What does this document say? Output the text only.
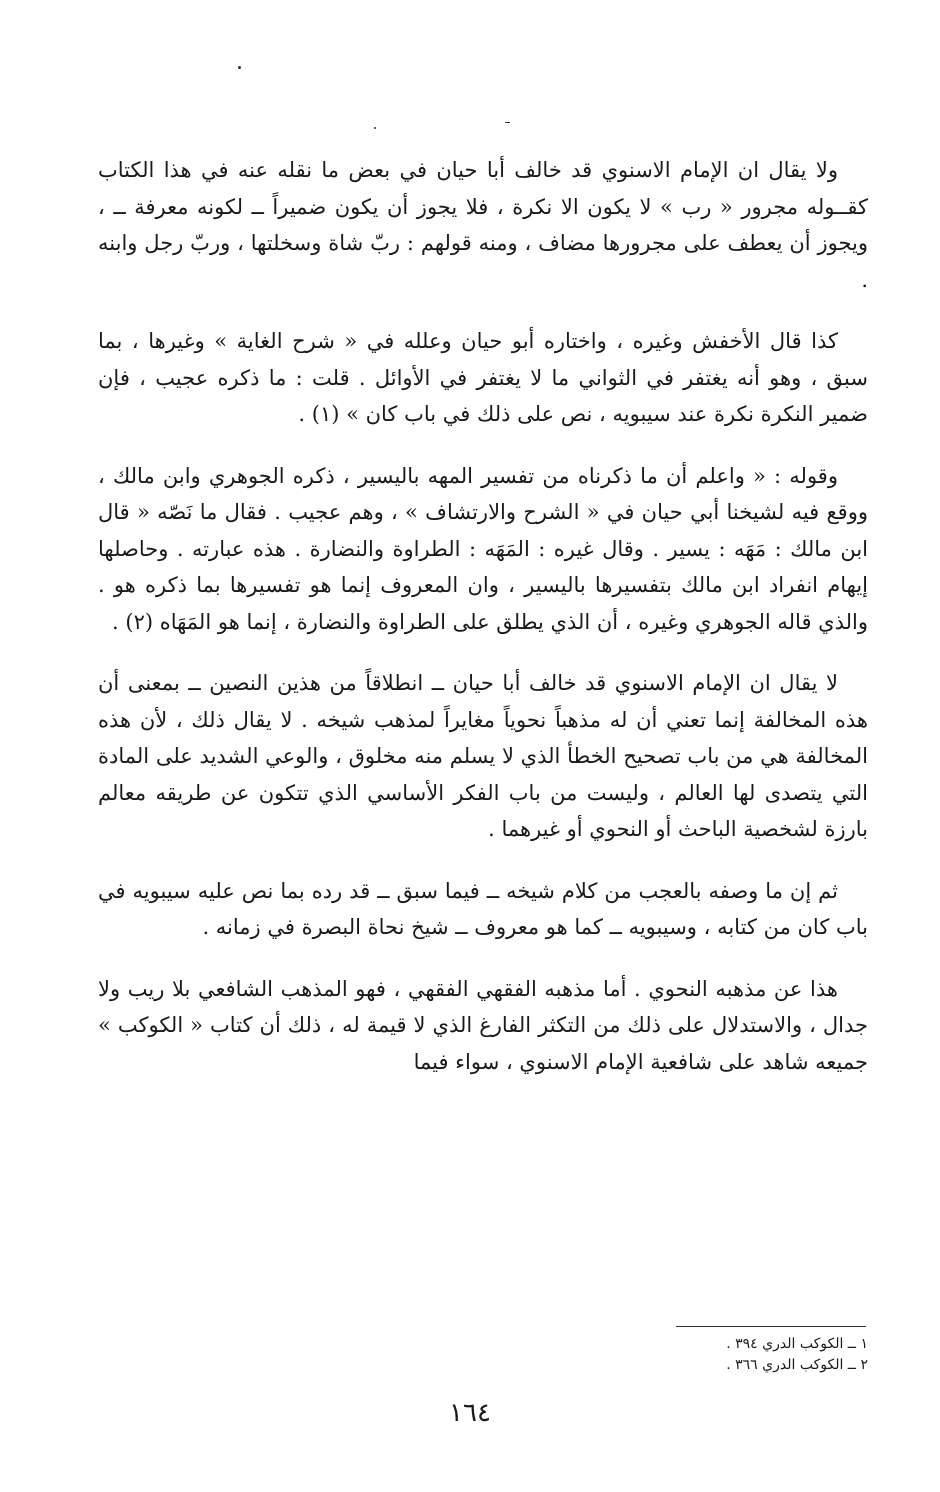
ولا يقال ان الإمام الاسنوي قد خالف أبا حيان في بعض ما نقله عنه في هذا الكتاب كقــوله مجرور « رب » لا يكون الا نكرة ، فلا يجوز أن يكون ضميراً ــ لكونه معرفة ــ ، ويجوز أن يعطف على مجرورها مضاف ، ومنه قولهم : ربّ شاة وسخلتها ، وربّ رجل وابنه .

كذا قال الأخفش وغيره ، واختاره أبو حيان وعلله في « شرح الغاية » وغيرها ، بما سبق ، وهو أنه يغتفر في الثواني ما لا يغتفر في الأوائل . قلت : ما ذكره عجيب ، فإن ضمير النكرة نكرة عند سيبويه ، نص على ذلك في باب كان » (١) .

وقوله : « واعلم أن ما ذكرناه من تفسير المهه باليسير ، ذكره الجوهري وابن مالك ، ووقع فيه لشيخنا أبي حيان في « الشرح والارتشاف » ، وهم عجيب . فقال ما نَصّه « قال ابن مالك : مَهَه : يسير . وقال غيره : المَهَه : الطراوة والنضارة . هذه عبارته . وحاصلها إيهام انفراد ابن مالك بتفسيرها باليسير ، وان المعروف إنما هو تفسيرها بما ذكره هو . والذي قاله الجوهري وغيره ، أن الذي يطلق على الطراوة والنضارة ، إنما هو المَهَاه (٢) .

لا يقال ان الإمام الاسنوي قد خالف أبا حيان ــ انطلاقاً من هذين النصين ــ بمعنى أن هذه المخالفة إنما تعني أن له مذهباً نحوياً مغايراً لمذهب شيخه . لا يقال ذلك ، لأن هذه المخالفة هي من باب تصحيح الخطأ الذي لا يسلم منه مخلوق ، والوعي الشديد على المادة التي يتصدى لها العالم ، وليست من باب الفكر الأساسي الذي تتكون عن طريقه معالم بارزة لشخصية الباحث أو النحوي أو غيرهما .

ثم إن ما وصفه بالعجب من كلام شيخه ــ فيما سبق ــ قد رده بما نص عليه سيبويه في باب كان من كتابه ، وسيبويه ــ كما هو معروف ــ شيخ نحاة البصرة في زمانه .

هذا عن مذهبه النحوي . أما مذهبه الفقهي الفقهي ، فهو المذهب الشافعي بلا ريب ولا جدال ، والاستدلال على ذلك من التكثر الفارغ الذي لا قيمة له ، ذلك أن كتاب « الكوكب » جميعه شاهد على شافعية الإمام الاسنوي ، سواء فيما

١ ــ الكوكب الدري ٣٩٤ .

٢ ــ الكوكب الدري ٣٦٦ .

١٦٤
